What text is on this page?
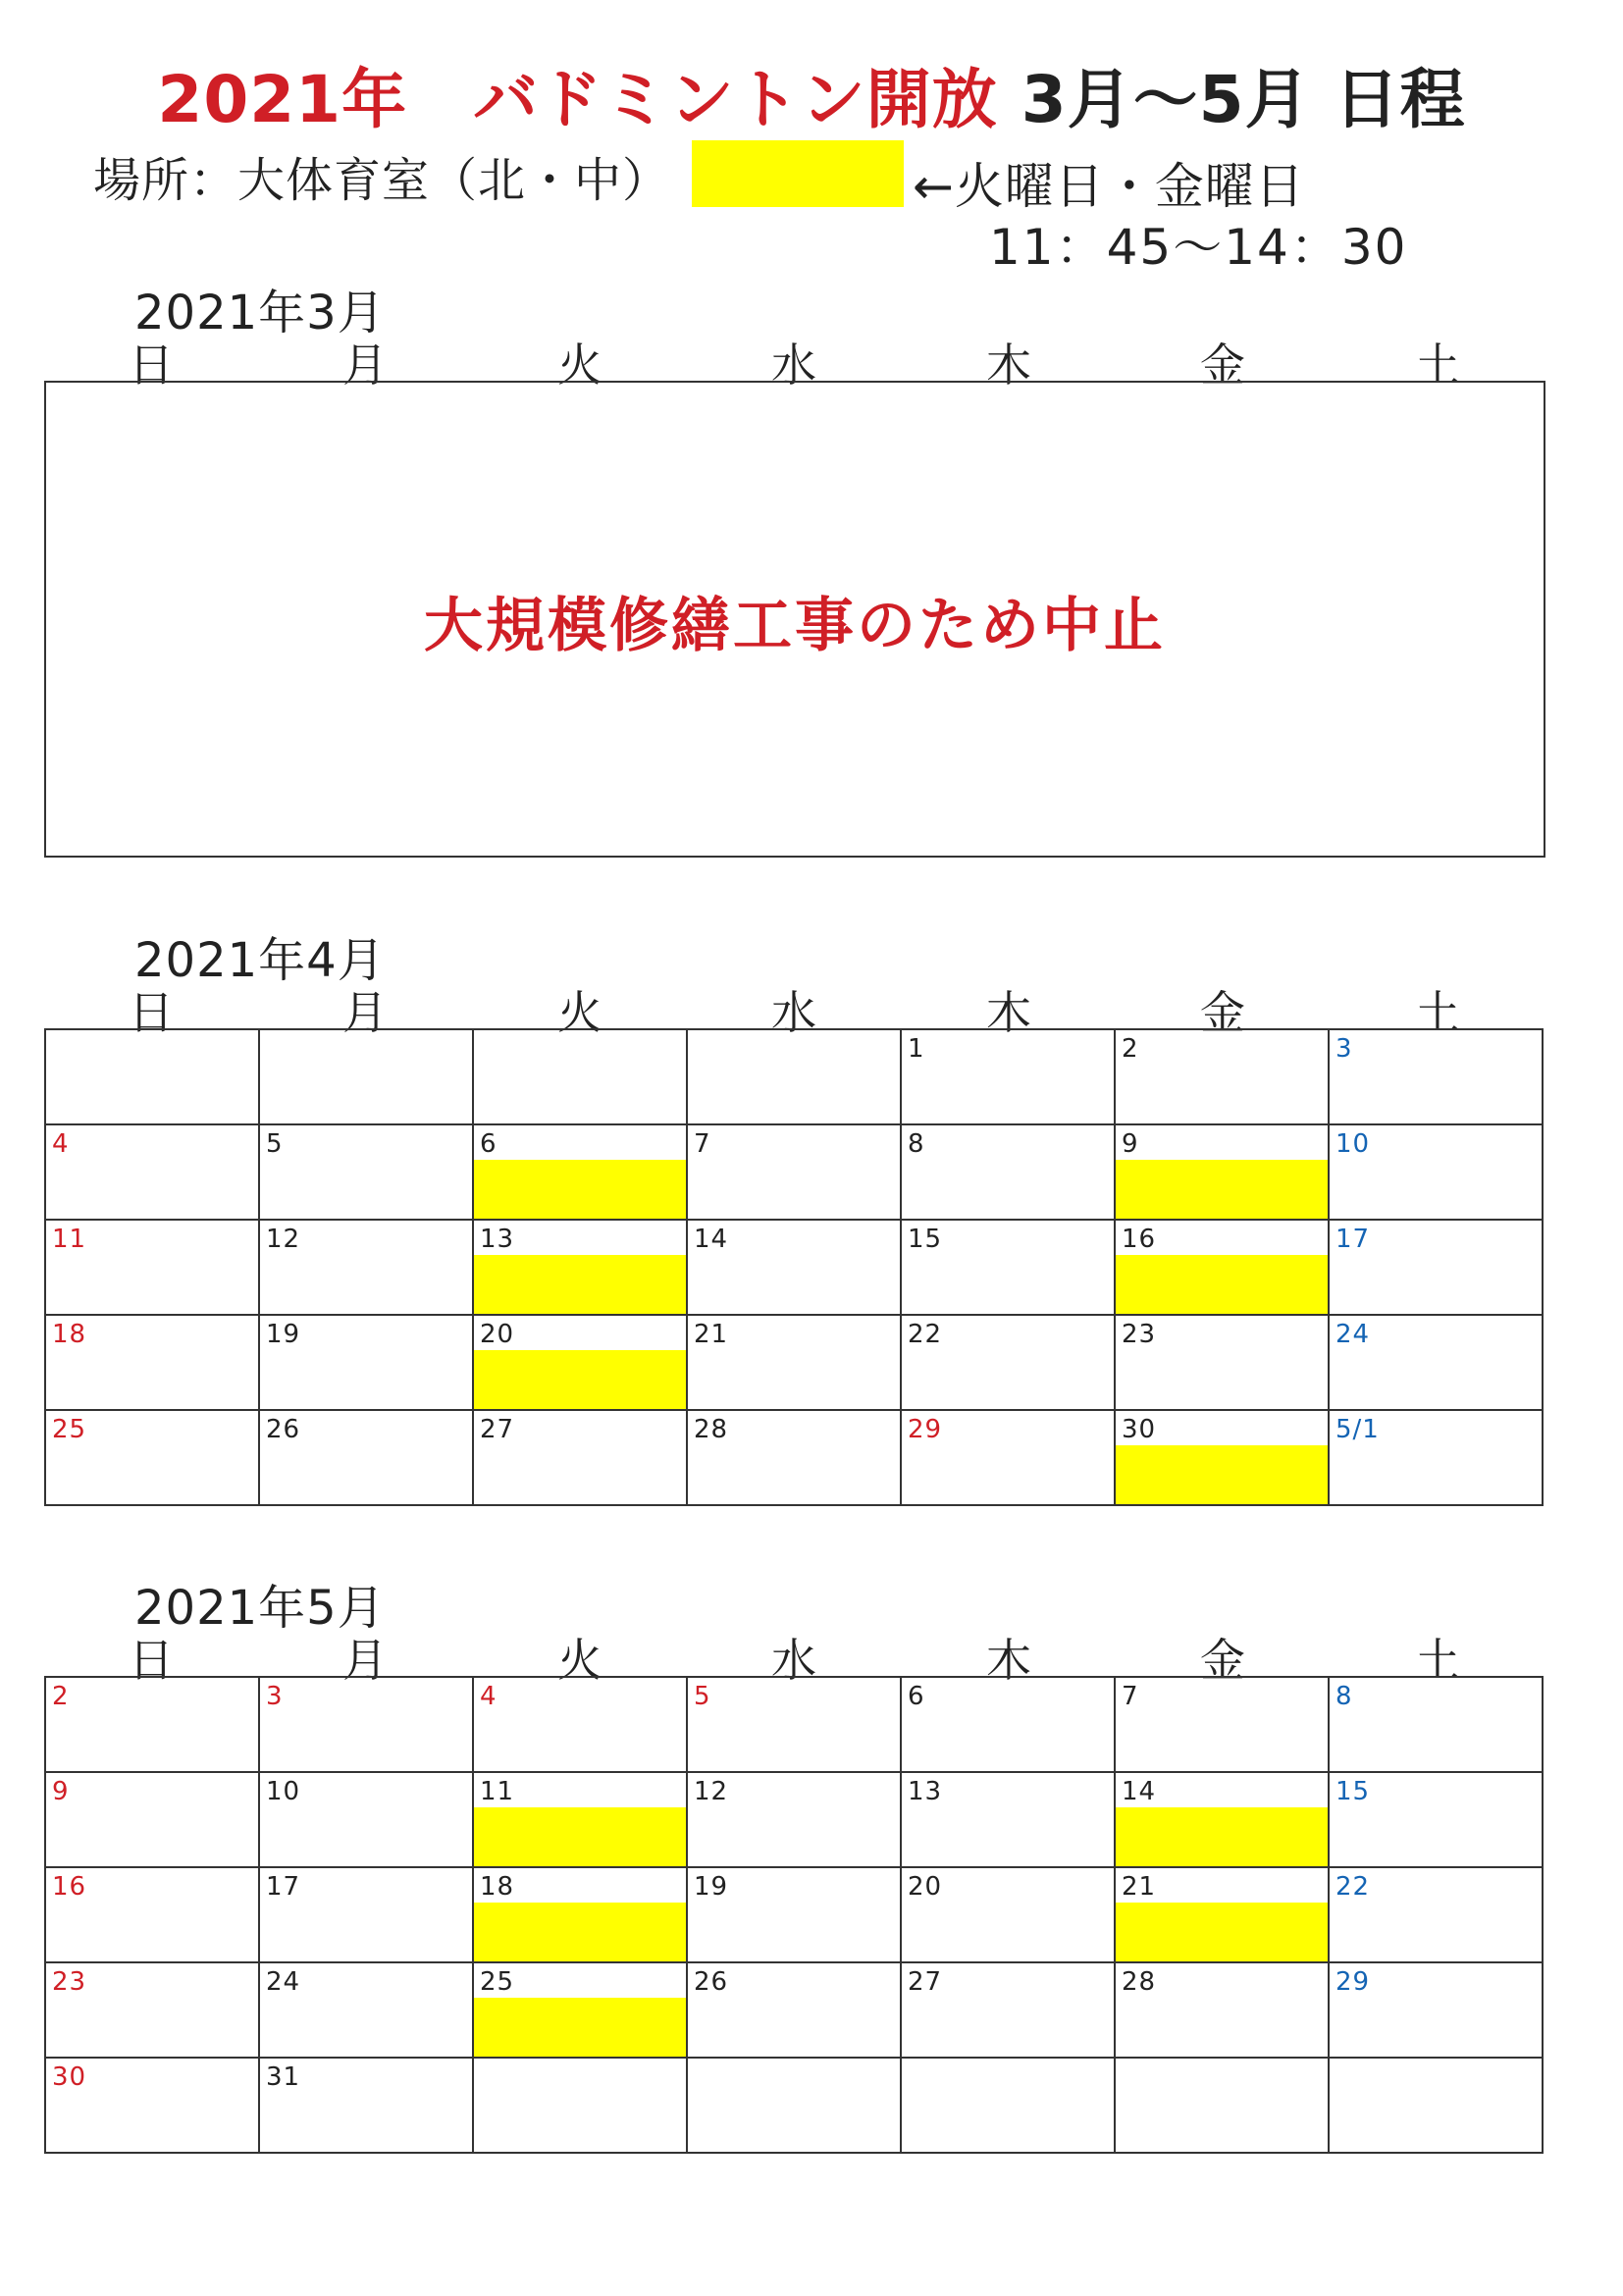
2021年　バドミントン開放 3月～5月 日程
場所：大体育室（北・中）	←火曜日・金曜日
11：45～14：30
2021年3月
日	月	火	水	木	金	土
大規模修繕工事のため中止
2021年4月
日	月	火	水	木	金	土

				1	2	3

4	5	6	7	8	9	10

11	12	13	14	15	16	17

18	19	20	21	22	23	24

25	26	27	28	29	30	5/1
2021年5月
日	月	火	水	木	金	土
2	3	4	5	6	7	8

9	10	11	12	13	14	15

16	17	18	19	20	21	22

23	24	25	26	27	28	29

30	31					
